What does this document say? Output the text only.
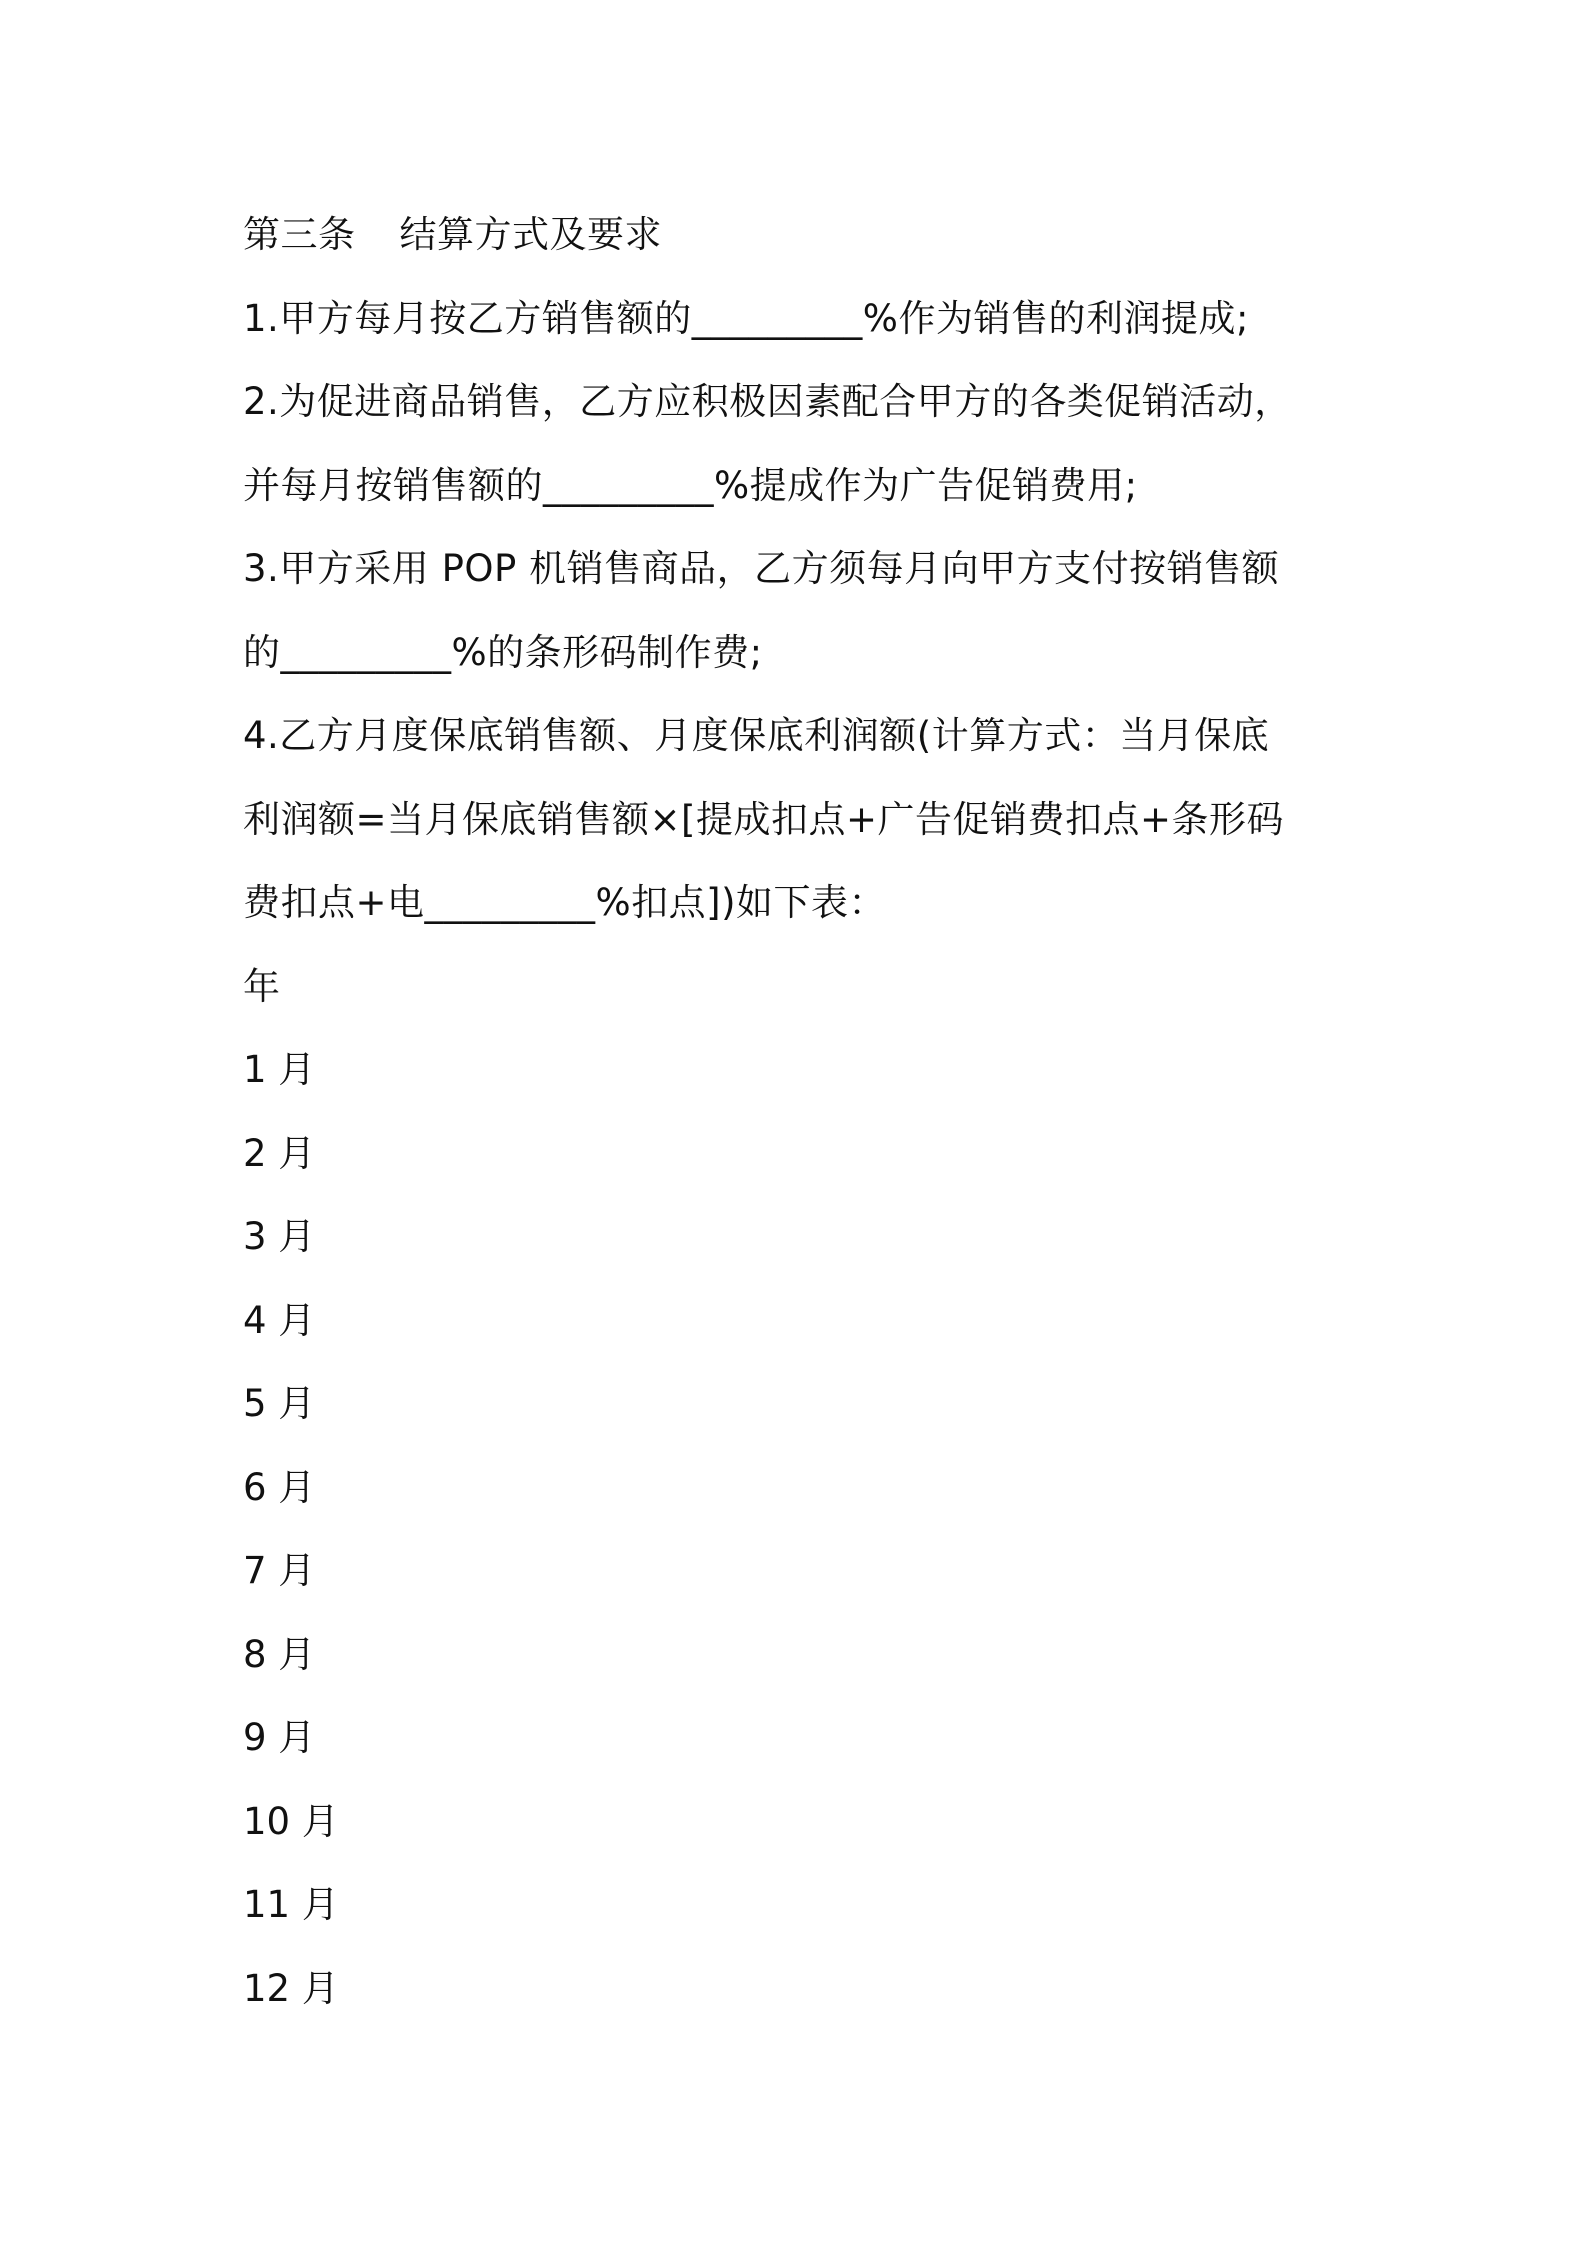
第三条 结算方式及要求
1.甲方每月按乙方销售额的_________%作为销售的利润提成;
2.为促进商品销售，乙方应积极因素配合甲方的各类促销活动，
并每月按销售额的_________%提成作为广告促销费用;
3.甲方采用 POP 机销售商品，乙方须每月向甲方支付按销售额
的_________%的条形码制作费;
4.乙方月度保底销售额、月度保底利润额(计算方式：当月保底
利润额=当月保底销售额×[提成扣点+广告促销费扣点+条形码
费扣点+电_________%扣点])如下表：
年
1 月
2 月
3 月
4 月
5 月
6 月
7 月
8 月
9 月
10 月
11 月
12 月
